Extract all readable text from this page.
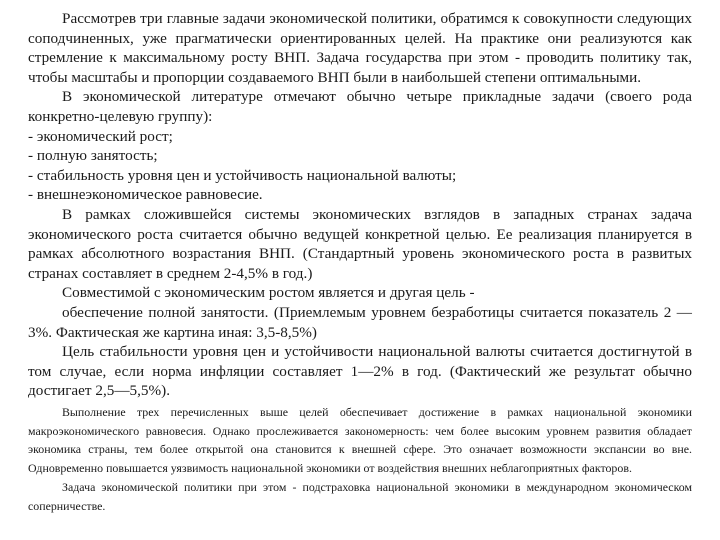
Рассмотрев три главные задачи экономической политики, обратимся к совокупности следующих соподчиненных, уже прагматически ориентированных целей. На практике они реализуются как стремление к максимальному росту ВНП. Задача государства при этом - проводить политику так, чтобы масштабы и пропорции создаваемого ВНП были в наибольшей степени оптимальными.

В экономической литературе отмечают обычно четыре прикладные задачи (своего рода конкретно-целевую группу):

- экономический рост;

- полную занятость;

- стабильность уровня цен и устойчивость национальной валюты;

- внешнеэкономическое равновесие.

В рамках сложившейся системы экономических взглядов в западных странах задача экономического роста считается обычно ведущей конкретной целью. Ее реализация планируется в рамках абсолютного возрастания ВНП. (Стандартный уровень экономического роста в развитых странах составляет в среднем 2-4,5% в год.)

Совместимой с экономическим ростом является и другая цель -

обеспечение полной занятости. (Приемлемым уровнем безработицы считается показатель 2 —3%. Фактическая же картина иная: 3,5-8,5%)

Цель стабильности уровня цен и устойчивости национальной валюты считается достигнутой в том случае, если норма инфляции составляет 1—2% в год. (Фактический же результат обычно достигает 2,5—5,5%).

Выполнение трех перечисленных выше целей обеспечивает достижение в рамках национальной экономики макроэкономического равновесия. Однако прослеживается закономерность: чем более высоким уровнем развития обладает экономика страны, тем более открытой она становится к внешней сфере. Это означает возможности экспансии во вне. Одновременно повышается уязвимость национальной экономики от воздействия внешних неблагоприятных факторов.

Задача экономической политики при этом - подстраховка национальной экономики в международном экономическом соперничестве.
